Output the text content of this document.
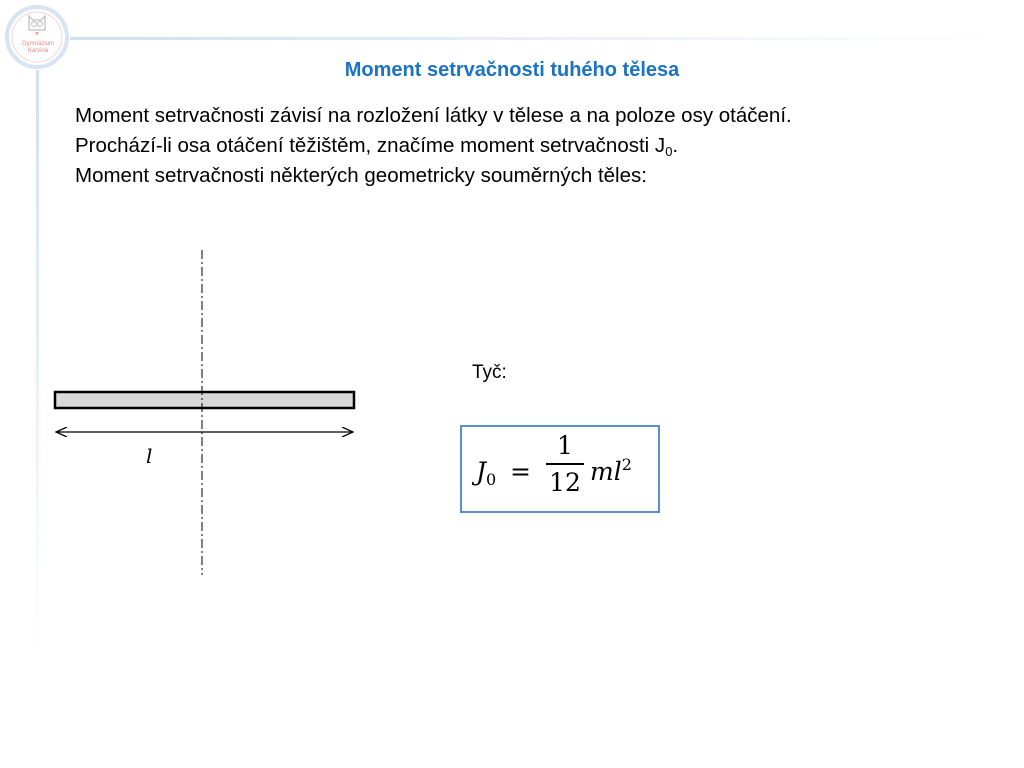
Gymnázium
Karviná
Moment setrvačnosti tuhého tělesa

Moment setrvačnosti závisí na rozložení látky v tělese a na poloze osy otáčení.

Prochází-li osa otáčení těžištěm, značíme moment setrvačnosti $J_0$.

Moment setrvačnosti některých geometricky souměrných těles:

l
Tyč:
$J_0$ =
1
12 $ml^2$
